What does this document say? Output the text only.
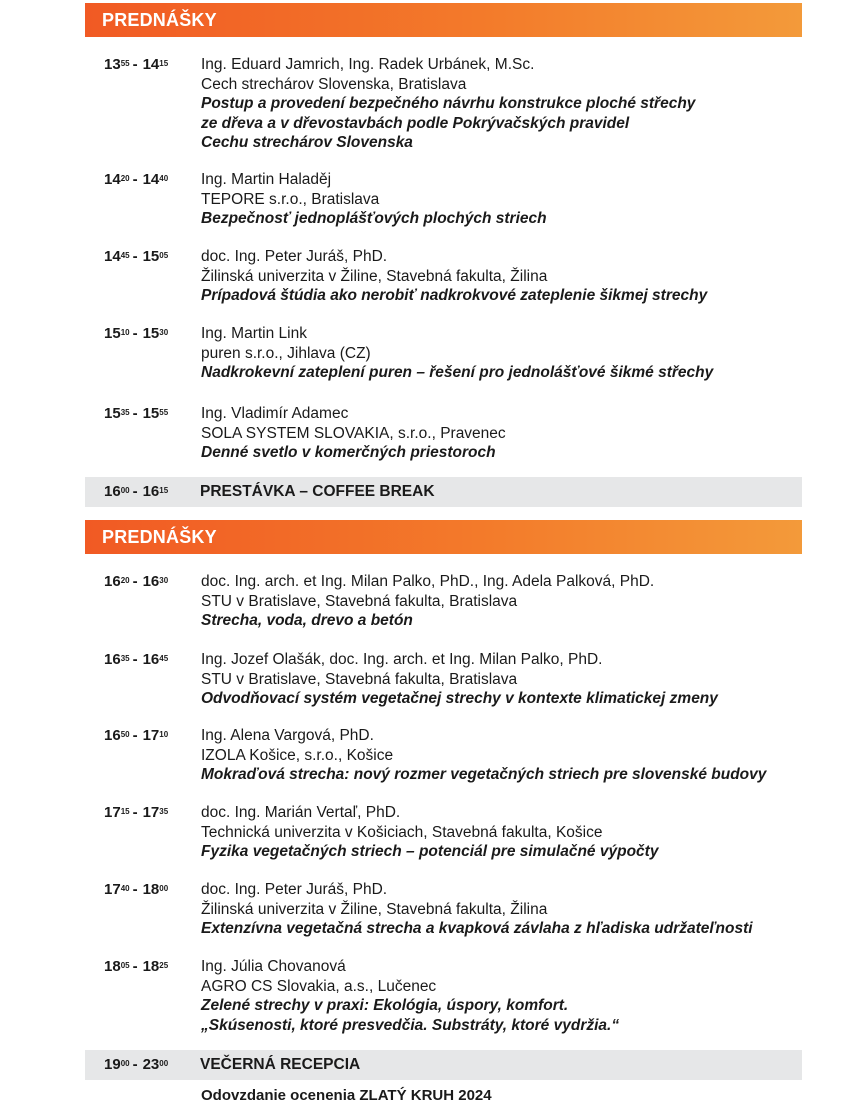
PREDNÁŠKY
$13^{55} - 14^{15}$	Ing. Eduard Jamrich, Ing. Radek Urbánek, M.Sc.
Cech strechárov Slovenska, Bratislava
Postup a provedení bezpečného návrhu konstrukce ploché střechy
ze dřeva a v dřevostavbách podle Pokrývačských pravidel
Cechu strechárov Slovenska
$14^{20} - 14^{40}$	Ing. Martin Haladěj
TEPORE s.r.o., Bratislava
Bezpečnosť jednoplášťových plochých striech
$14^{45} - 15^{05}$	doc. Ing. Peter Juráš, PhD.
Žilinská univerzita v Žiline, Stavebná fakulta, Žilina
Prípadová štúdia ako nerobiť nadkrokvové zateplenie šikmej strechy
$15^{10} - 15^{30}$	Ing. Martin Link
puren s.r.o., Jihlava (CZ)
Nadkrokevní zateplení puren – řešení pro jednolášťové šikmé střechy
$15^{35} - 15^{55}$	Ing. Vladimír Adamec
SOLA SYSTEM SLOVAKIA, s.r.o., Pravenec
Denné svetlo v komerčných priestoroch
$16^{00} - 16^{15}$	PRESTÁVKA – COFFEE BREAK
PREDNÁŠKY
$16^{20} - 16^{30}$	doc. Ing. arch. et Ing. Milan Palko, PhD., Ing. Adela Palková, PhD.
STU v Bratislave, Stavebná fakulta, Bratislava
Strecha, voda, drevo a betón
$16^{35} - 16^{45}$	Ing. Jozef Olašák, doc. Ing. arch. et Ing. Milan Palko, PhD.
STU v Bratislave, Stavebná fakulta, Bratislava
Odvodňovací systém vegetačnej strechy v kontexte klimatickej zmeny
$16^{50} - 17^{10}$	Ing. Alena Vargová, PhD.
IZOLA Košice, s.r.o., Košice
Mokraďová strecha: nový rozmer vegetačných striech pre slovenské budovy
$17^{15} - 17^{35}$	doc. Ing. Marián Vertaľ, PhD.
Technická univerzita v Košiciach, Stavebná fakulta, Košice
Fyzika vegetačných striech – potenciál pre simulačné výpočty
$17^{40} - 18^{00}$	doc. Ing. Peter Juráš, PhD.
Žilinská univerzita v Žiline, Stavebná fakulta, Žilina
Extenzívna vegetačná strecha a kvapková závlaha z hľadiska udržateľnosti
$18^{05} - 18^{25}$	Ing. Júlia Chovanová
AGRO CS Slovakia, a.s., Lučenec
Zelené strechy v praxi: Ekológia, úspory, komfort.
„Skúsenosti, ktoré presvedčia. Substráty, ktoré vydržia.“
$19^{00} - 23^{00}$	VEČERNÁ RECEPCIA
Odovzdanie ocenenia ZLATÝ KRUH 2024
